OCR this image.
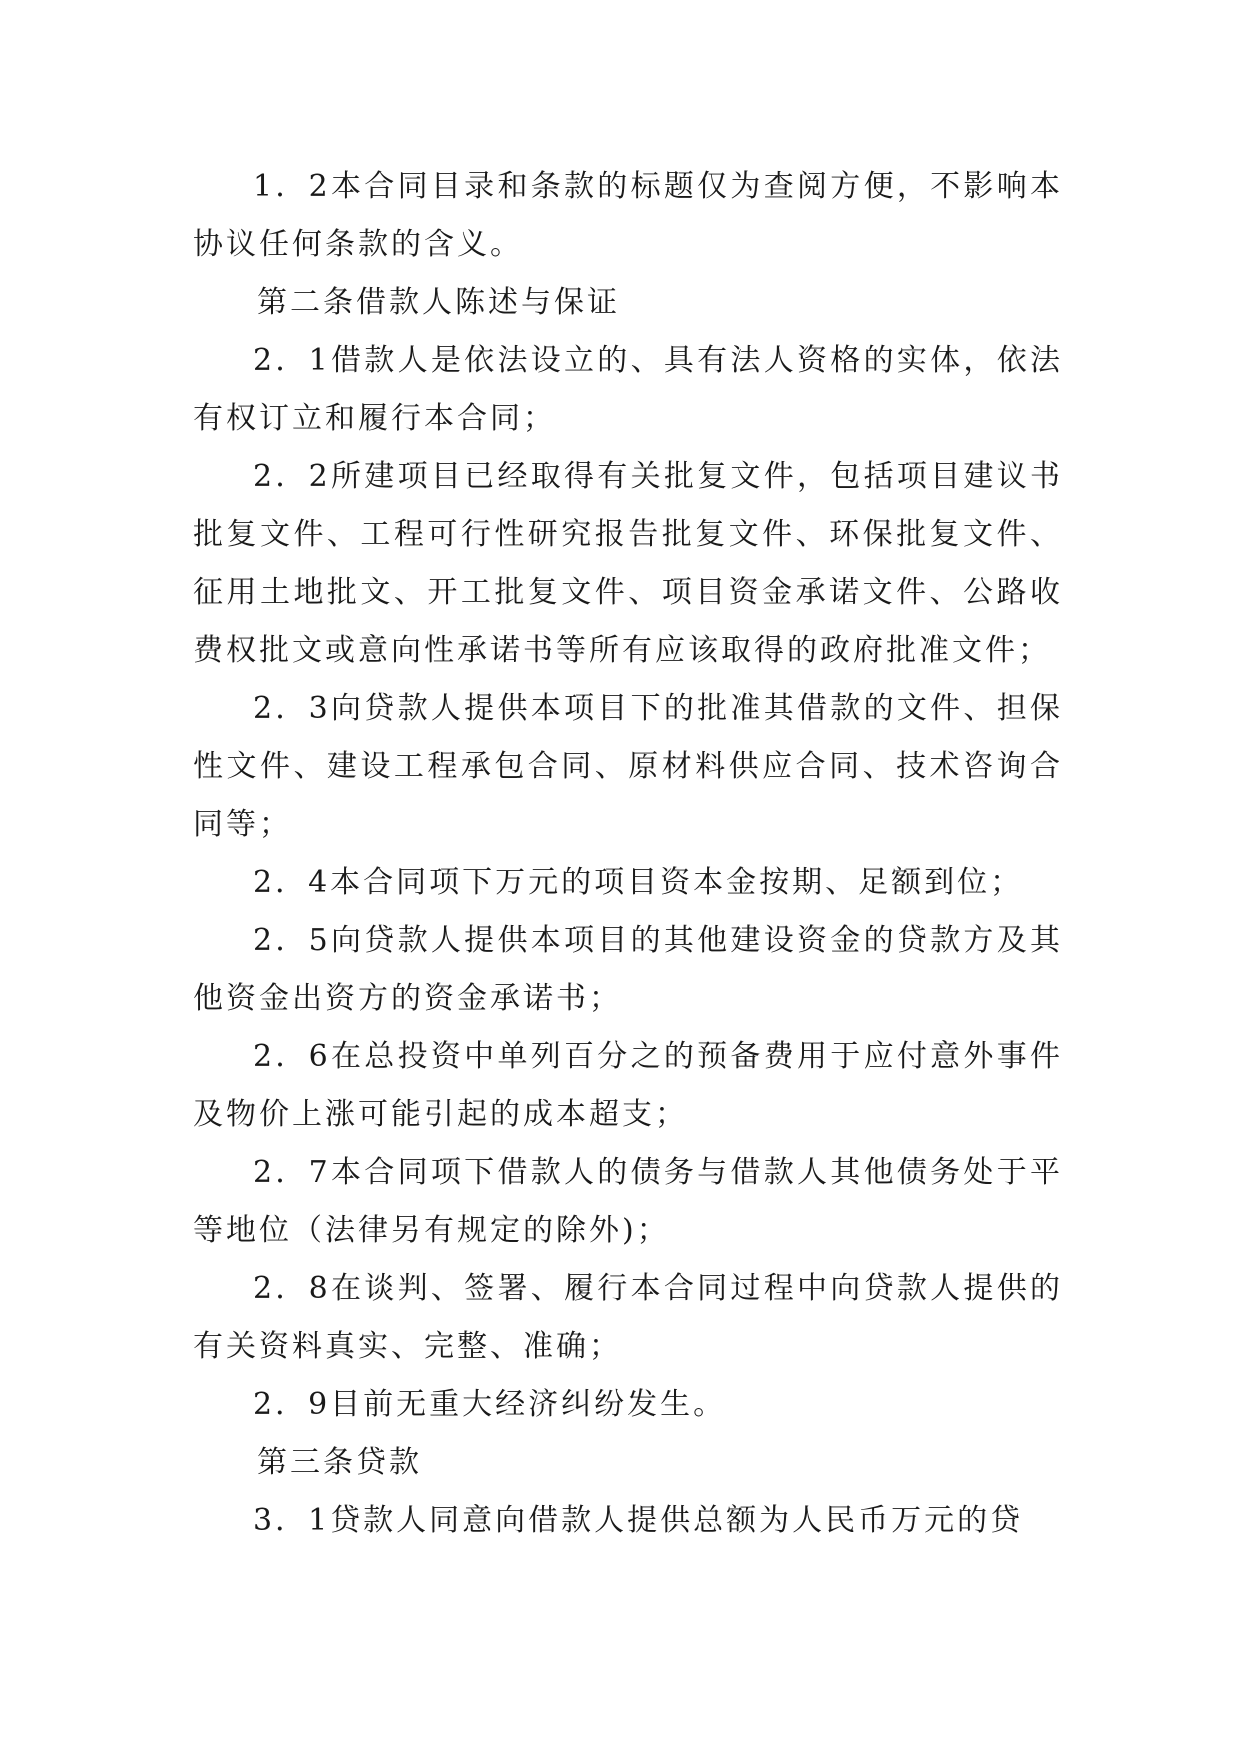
1．2本合同目录和条款的标题仅为查阅方便，不影响本协议任何条款的含义。

第二条借款人陈述与保证

2．1借款人是依法设立的、具有法人资格的实体，依法有权订立和履行本合同；

2．2所建项目已经取得有关批复文件，包括项目建议书批复文件、工程可行性研究报告批复文件、环保批复文件、征用土地批文、开工批复文件、项目资金承诺文件、公路收费权批文或意向性承诺书等所有应该取得的政府批准文件；

2．3向贷款人提供本项目下的批准其借款的文件、担保性文件、建设工程承包合同、原材料供应合同、技术咨询合同等；

2．4本合同项下万元的项目资本金按期、足额到位；

2．5向贷款人提供本项目的其他建设资金的贷款方及其他资金出资方的资金承诺书；

2．6在总投资中单列百分之的预备费用于应付意外事件及物价上涨可能引起的成本超支；

2．7本合同项下借款人的债务与借款人其他债务处于平等地位（法律另有规定的除外)；

2．8在谈判、签署、履行本合同过程中向贷款人提供的有关资料真实、完整、准确；

2．9目前无重大经济纠纷发生。

第三条贷款

3．1贷款人同意向借款人提供总额为人民币万元的贷
